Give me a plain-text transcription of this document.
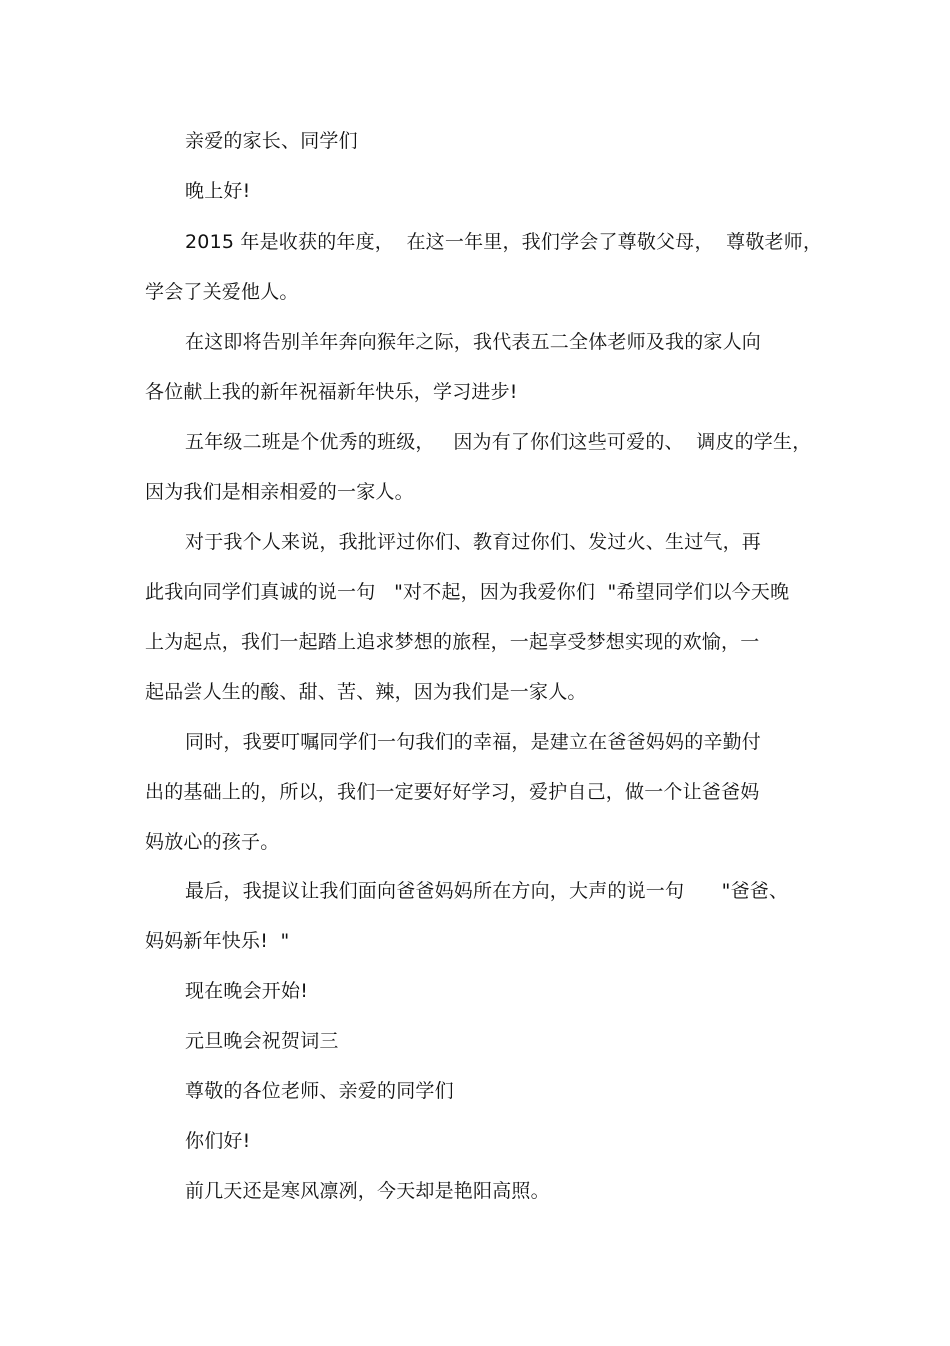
亲爱的家长、同学们
晚上好!
2015 年是收获的年度，  在这一年里，我们学会了尊敬父母，  尊敬老师，
学会了关爱他人。
在这即将告别羊年奔向猴年之际，我代表五二全体老师及我的家人向
各位献上我的新年祝福新年快乐，学习进步!
五年级二班是个优秀的班级，   因为有了你们这些可爱的、  调皮的学生，
因为我们是相亲相爱的一家人。
对于我个人来说，我批评过你们、教育过你们、发过火、生过气，再
此我向同学们真诚的说一句   "对不起，因为我爱你们  "希望同学们以今天晚
上为起点，我们一起踏上追求梦想的旅程，一起享受梦想实现的欢愉，一
起品尝人生的酸、甜、苦、辣，因为我们是一家人。
同时，我要叮嘱同学们一句我们的幸福，是建立在爸爸妈妈的辛勤付
出的基础上的，所以，我们一定要好好学习，爱护自己，做一个让爸爸妈
妈放心的孩子。
最后，我提议让我们面向爸爸妈妈所在方向，大声的说一句      "爸爸、
妈妈新年快乐!  "
现在晚会开始!
元旦晚会祝贺词三
尊敬的各位老师、亲爱的同学们
你们好!
前几天还是寒风凛冽，今天却是艳阳高照。
